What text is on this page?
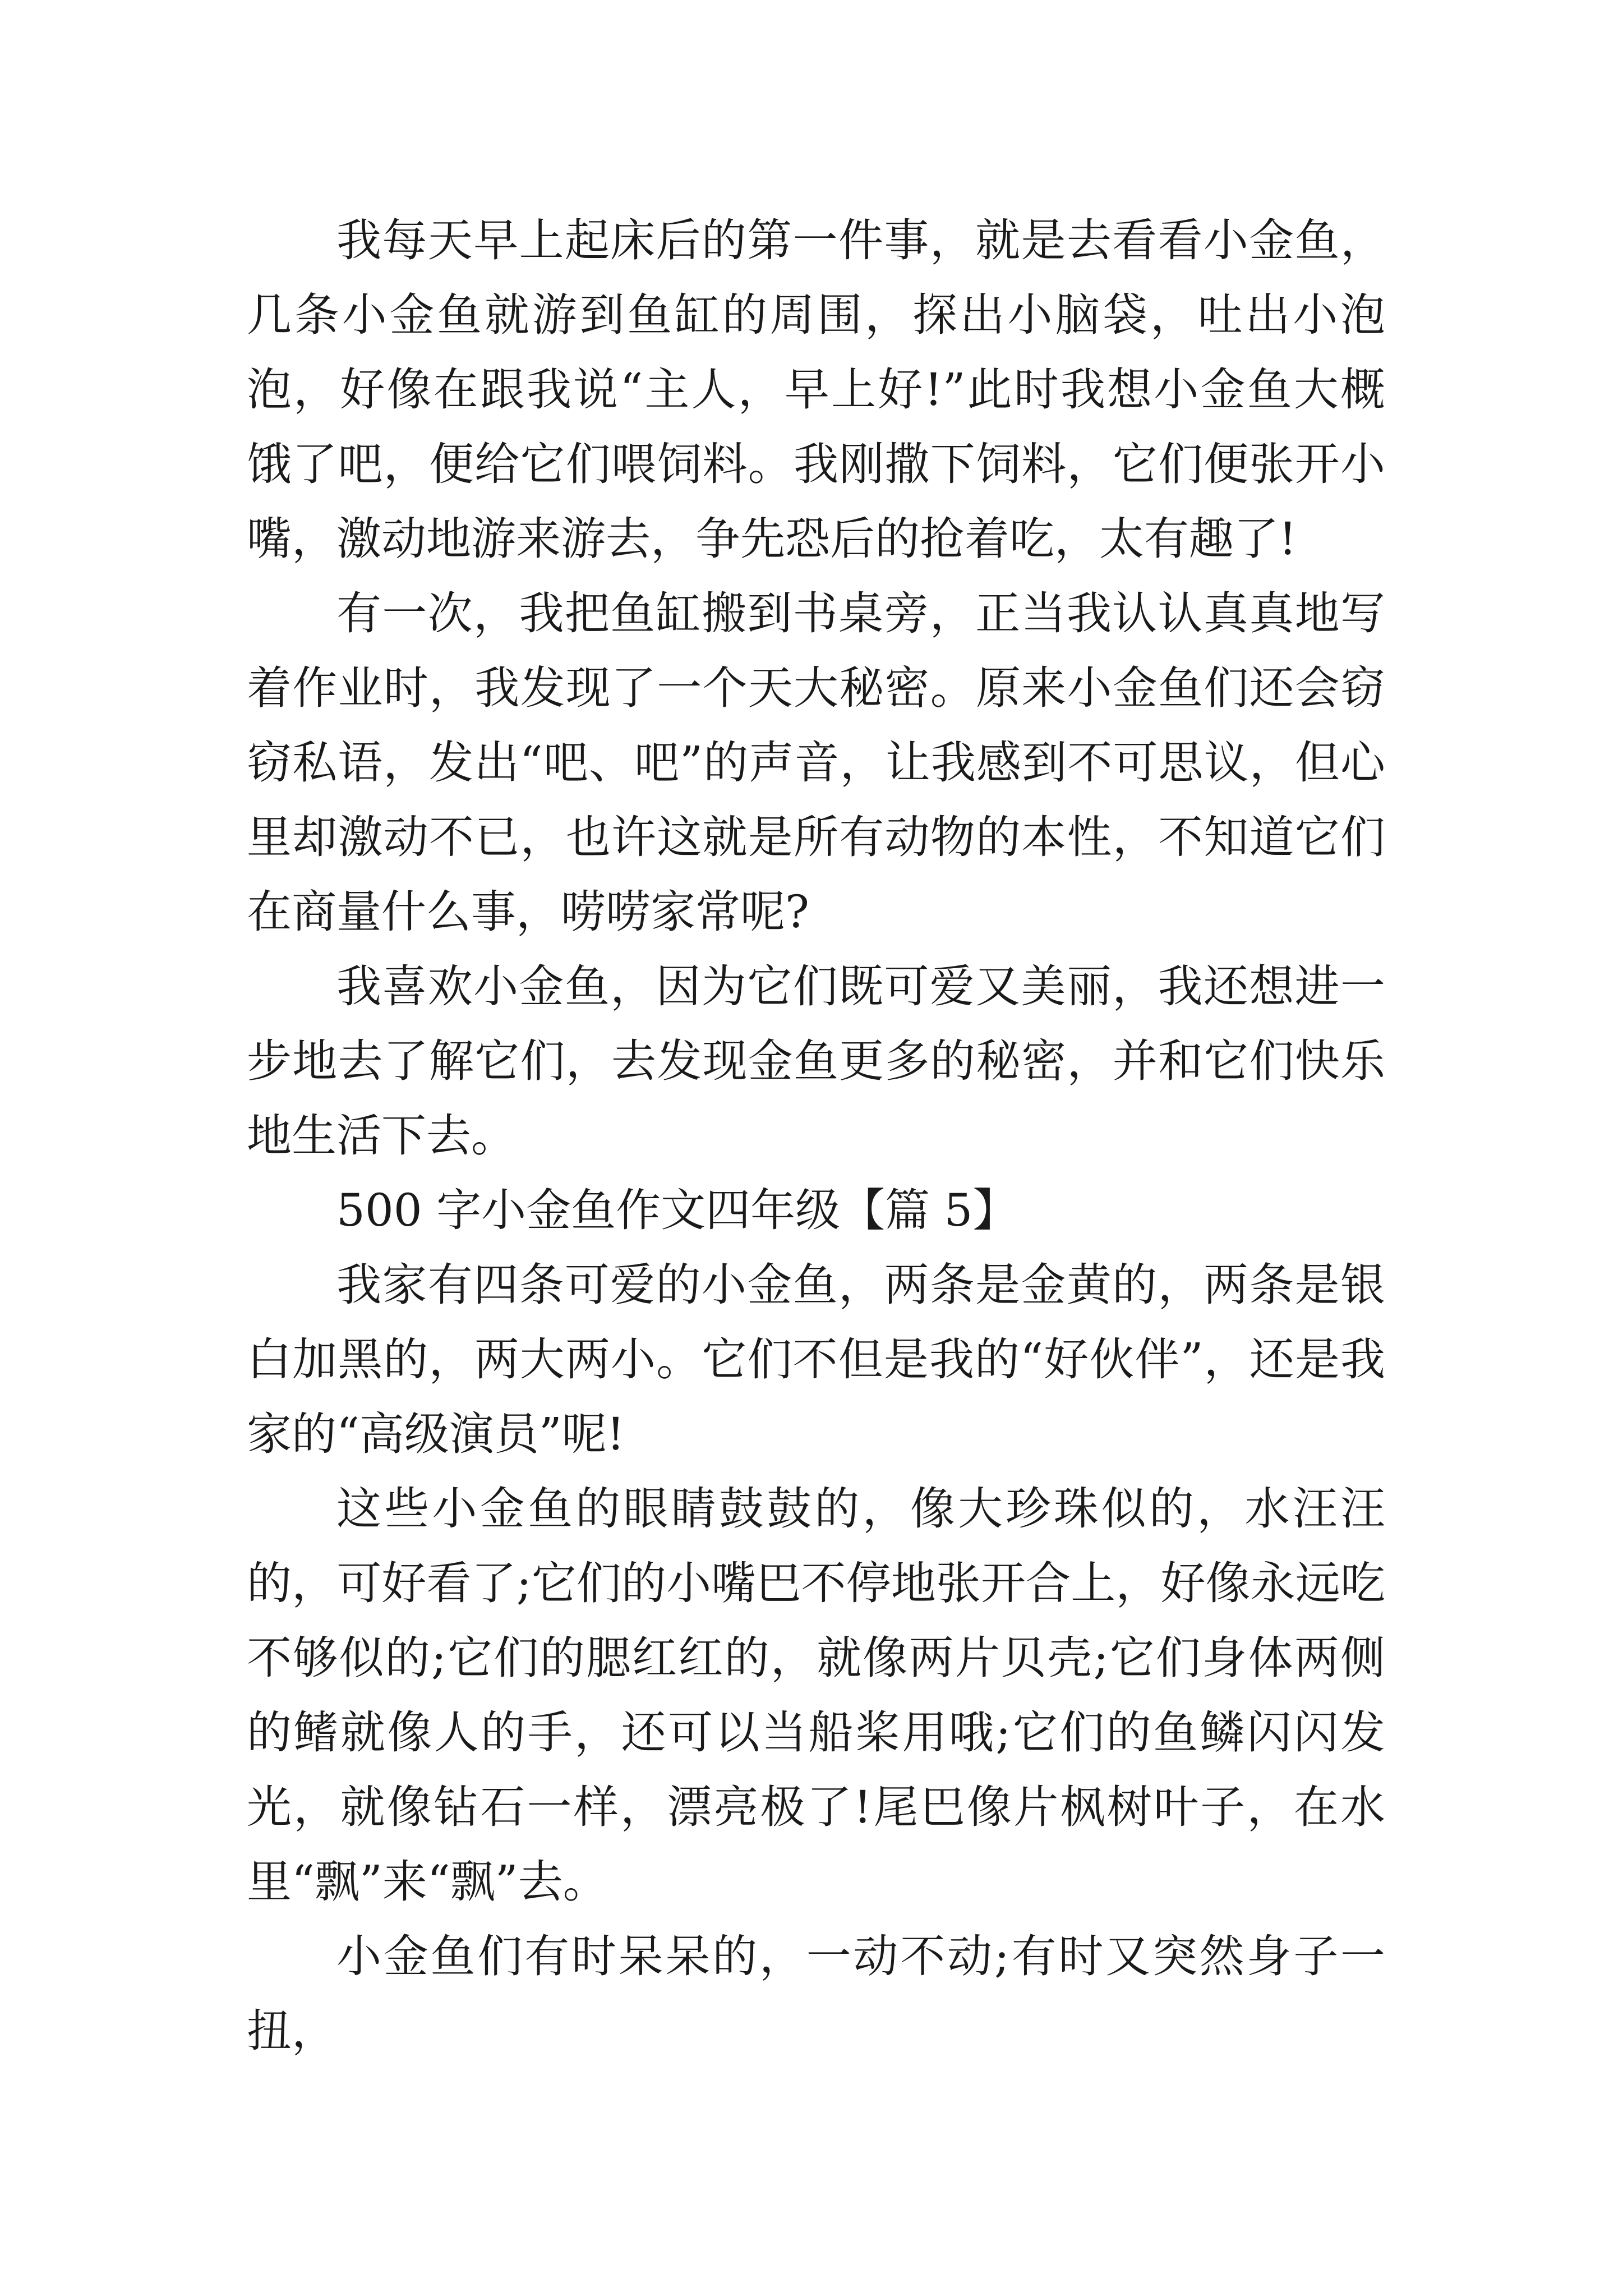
我每天早上起床后的第一件事，就是去看看小金鱼，几条小金鱼就游到鱼缸的周围，探出小脑袋，吐出小泡泡，好像在跟我说“主人，早上好!”此时我想小金鱼大概饿了吧，便给它们喂饲料。我刚撒下饲料，它们便张开小嘴，激动地游来游去，争先恐后的抢着吃，太有趣了!

有一次，我把鱼缸搬到书桌旁，正当我认认真真地写着作业时，我发现了一个天大秘密。原来小金鱼们还会窃窃私语，发出“吧、吧”的声音，让我感到不可思议，但心里却激动不已，也许这就是所有动物的本性，不知道它们在商量什么事，唠唠家常呢?

我喜欢小金鱼，因为它们既可爱又美丽，我还想进一步地去了解它们，去发现金鱼更多的秘密，并和它们快乐地生活下去。

500 字小金鱼作文四年级【篇 5】

我家有四条可爱的小金鱼，两条是金黄的，两条是银白加黑的，两大两小。它们不但是我的“好伙伴”，还是我家的“高级演员”呢!

这些小金鱼的眼睛鼓鼓的，像大珍珠似的，水汪汪的，可好看了;它们的小嘴巴不停地张开合上，好像永远吃不够似的;它们的腮红红的，就像两片贝壳;它们身体两侧的鳍就像人的手，还可以当船桨用哦;它们的鱼鳞闪闪发光，就像钻石一样，漂亮极了!尾巴像片枫树叶子，在水里“飘”来“飘”去。

小金鱼们有时呆呆的，一动不动;有时又突然身子一扭，
